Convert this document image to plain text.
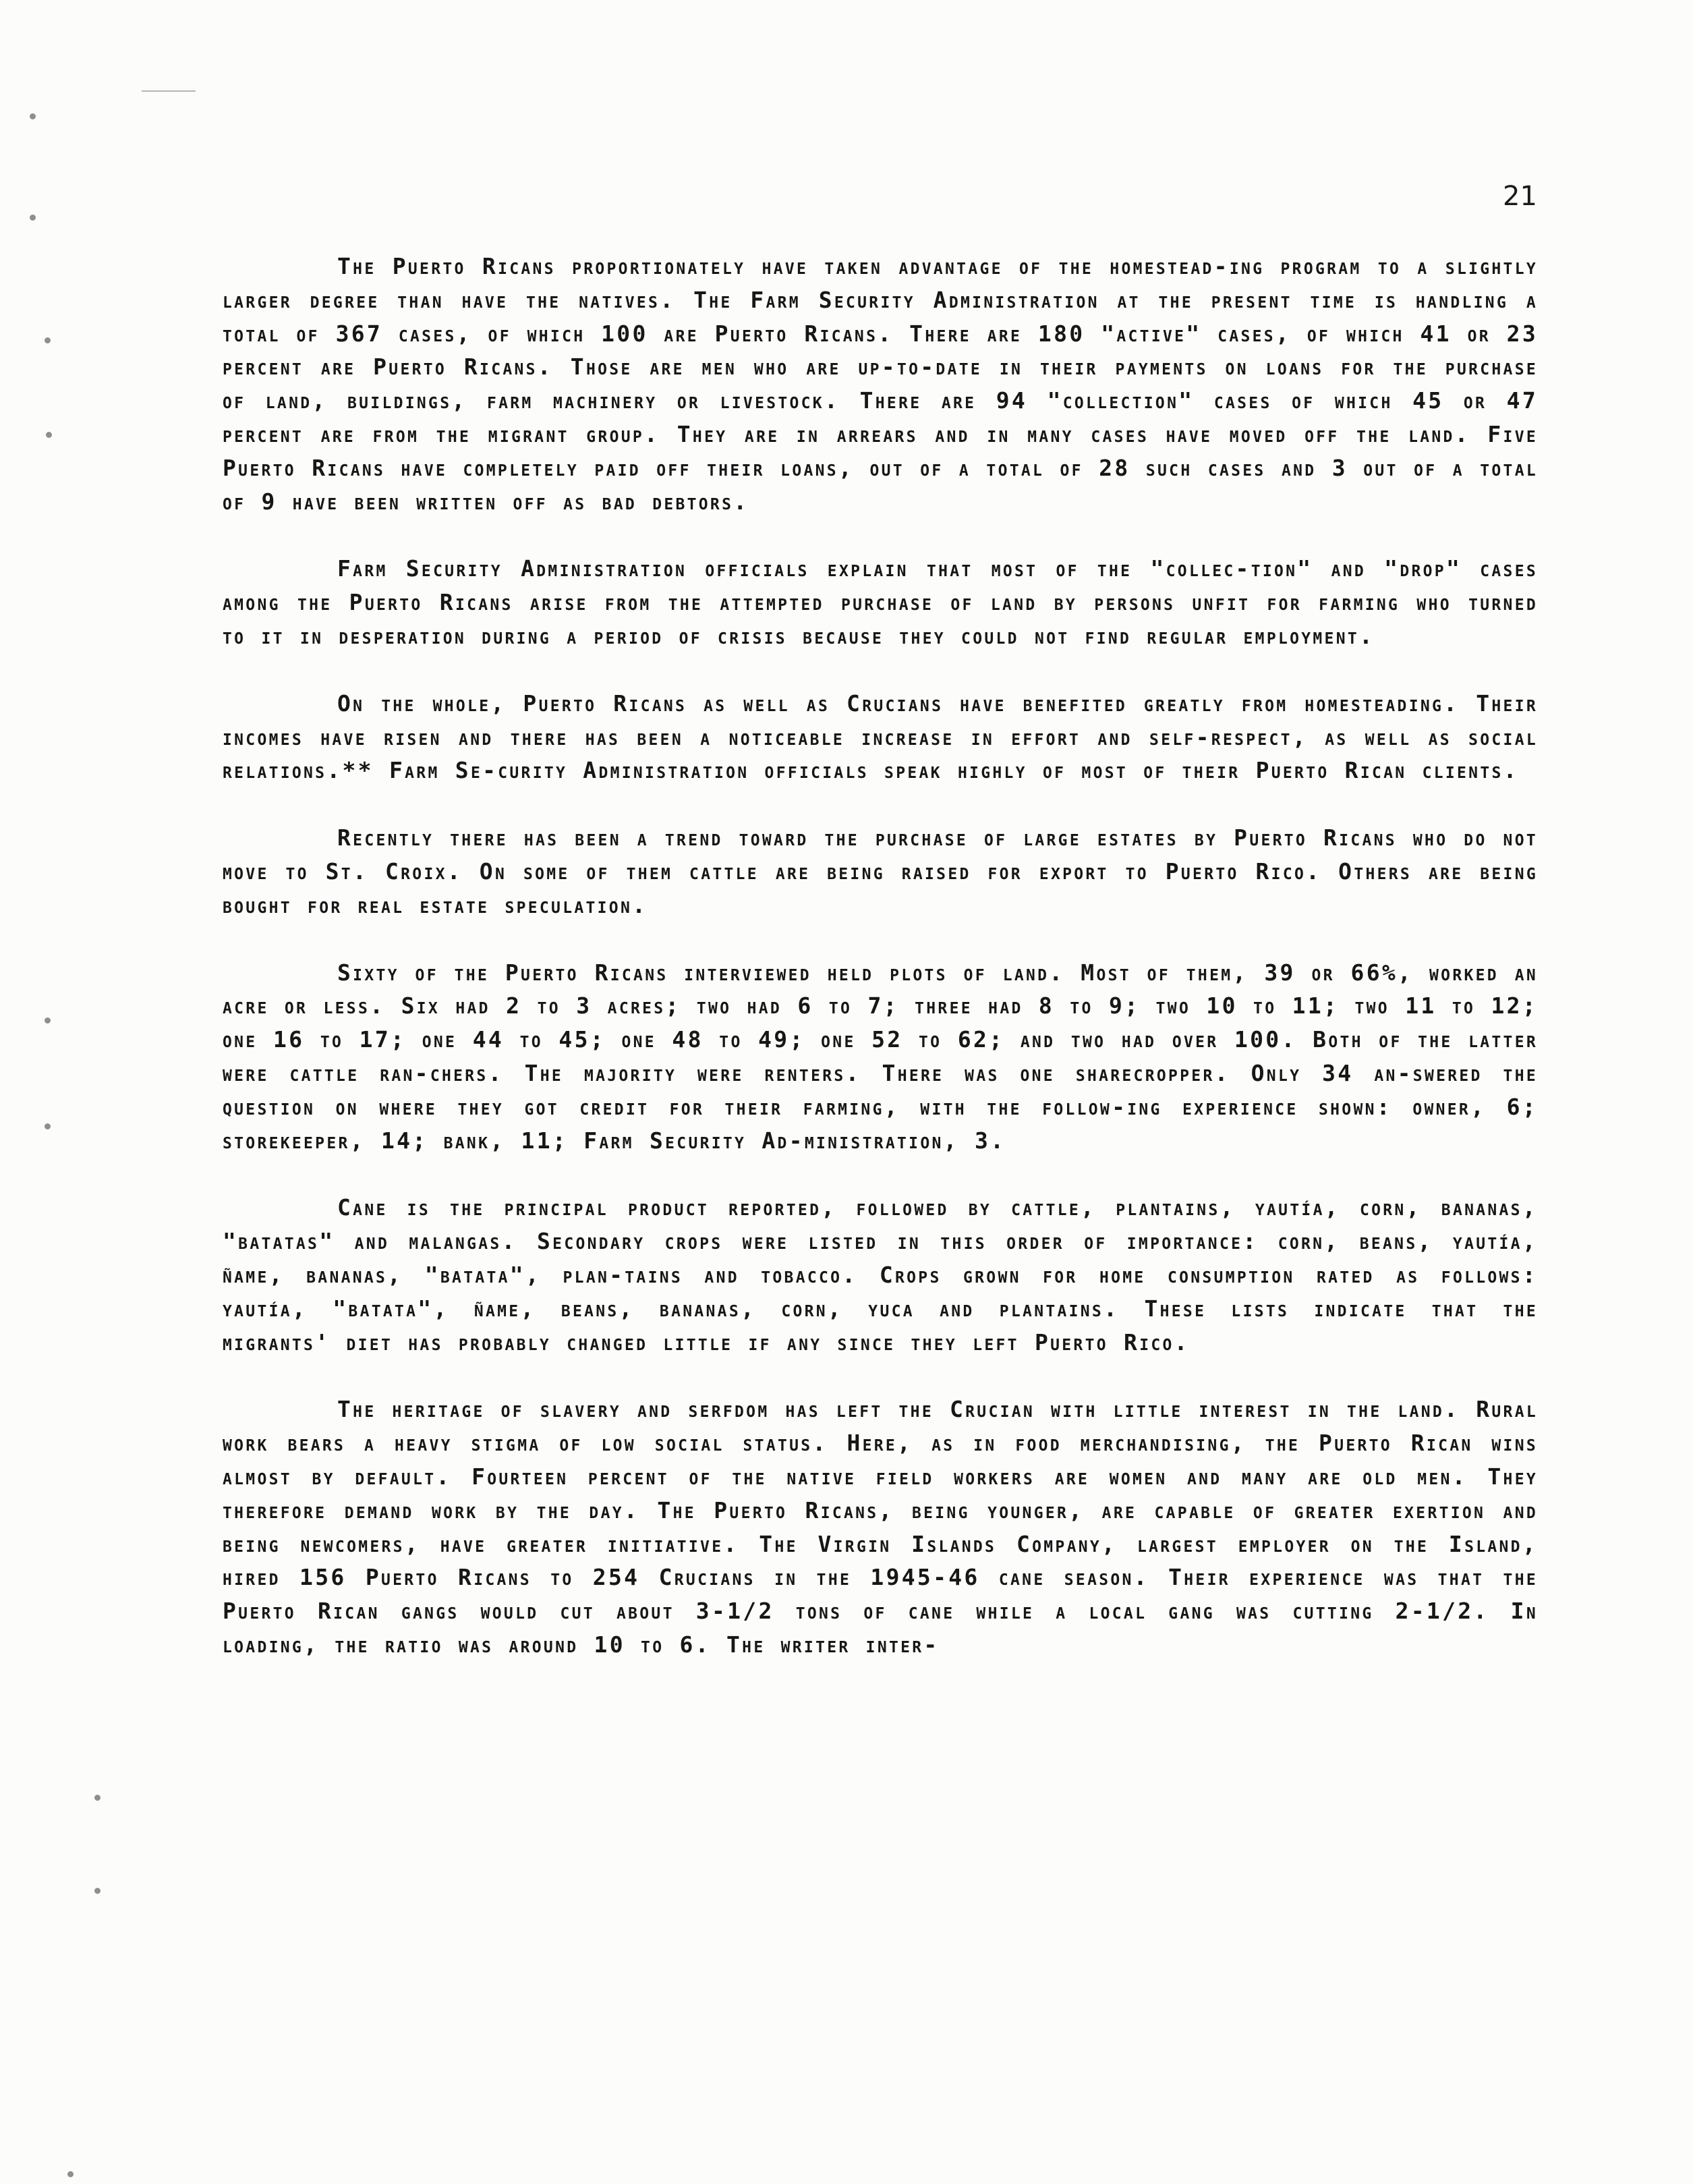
21

The Puerto Ricans proportionately have taken advantage of the homestead-ing program to a slightly larger degree than have the natives. The Farm Security Administration at the present time is handling a total of 367 cases, of which 100 are Puerto Ricans. There are 180 "active" cases, of which 41 or 23 percent are Puerto Ricans. Those are men who are up-to-date in their payments on loans for the purchase of land, buildings, farm machinery or livestock. There are 94 "collection" cases of which 45 or 47 percent are from the migrant group. They are in arrears and in many cases have moved off the land. Five Puerto Ricans have completely paid off their loans, out of a total of 28 such cases and 3 out of a total of 9 have been written off as bad debtors.

Farm Security Administration officials explain that most of the "collec-tion" and "drop" cases among the Puerto Ricans arise from the attempted purchase of land by persons unfit for farming who turned to it in desperation during a period of crisis because they could not find regular employment.

On the whole, Puerto Ricans as well as Crucians have benefited greatly from homesteading. Their incomes have risen and there has been a noticeable increase in effort and self-respect, as well as social relations.** Farm Se-curity Administration officials speak highly of most of their Puerto Rican clients.

Recently there has been a trend toward the purchase of large estates by Puerto Ricans who do not move to St. Croix. On some of them cattle are being raised for export to Puerto Rico. Others are being bought for real estate speculation.

Sixty of the Puerto Ricans interviewed held plots of land. Most of them, 39 or 66%, worked an acre or less. Six had 2 to 3 acres; two had 6 to 7; three had 8 to 9; two 10 to 11; two 11 to 12; one 16 to 17; one 44 to 45; one 48 to 49; one 52 to 62; and two had over 100. Both of the latter were cattle ran-chers. The majority were renters. There was one sharecropper. Only 34 an-swered the question on where they got credit for their farming, with the follow-ing experience shown: owner, 6; storekeeper, 14; bank, 11; Farm Security Ad-ministration, 3.

Cane is the principal product reported, followed by cattle, plantains, yautía, corn, bananas, "batatas" and malangas. Secondary crops were listed in this order of importance: corn, beans, yautía, ñame, bananas, "batata", plan-tains and tobacco. Crops grown for home consumption rated as follows: yautía, "batata", ñame, beans, bananas, corn, yuca and plantains. These lists indicate that the migrants' diet has probably changed little if any since they left Puerto Rico.

The heritage of slavery and serfdom has left the Crucian with little interest in the land. Rural work bears a heavy stigma of low social status. Here, as in food merchandising, the Puerto Rican wins almost by default. Fourteen percent of the native field workers are women and many are old men. They therefore demand work by the day. The Puerto Ricans, being younger, are capable of greater exertion and being newcomers, have greater initiative. The Virgin Islands Company, largest employer on the Island, hired 156 Puerto Ricans to 254 Crucians in the 1945-46 cane season. Their experience was that the Puerto Rican gangs would cut about 3-1/2 tons of cane while a local gang was cutting 2-1/2. In loading, the ratio was around 10 to 6. The writer inter-
